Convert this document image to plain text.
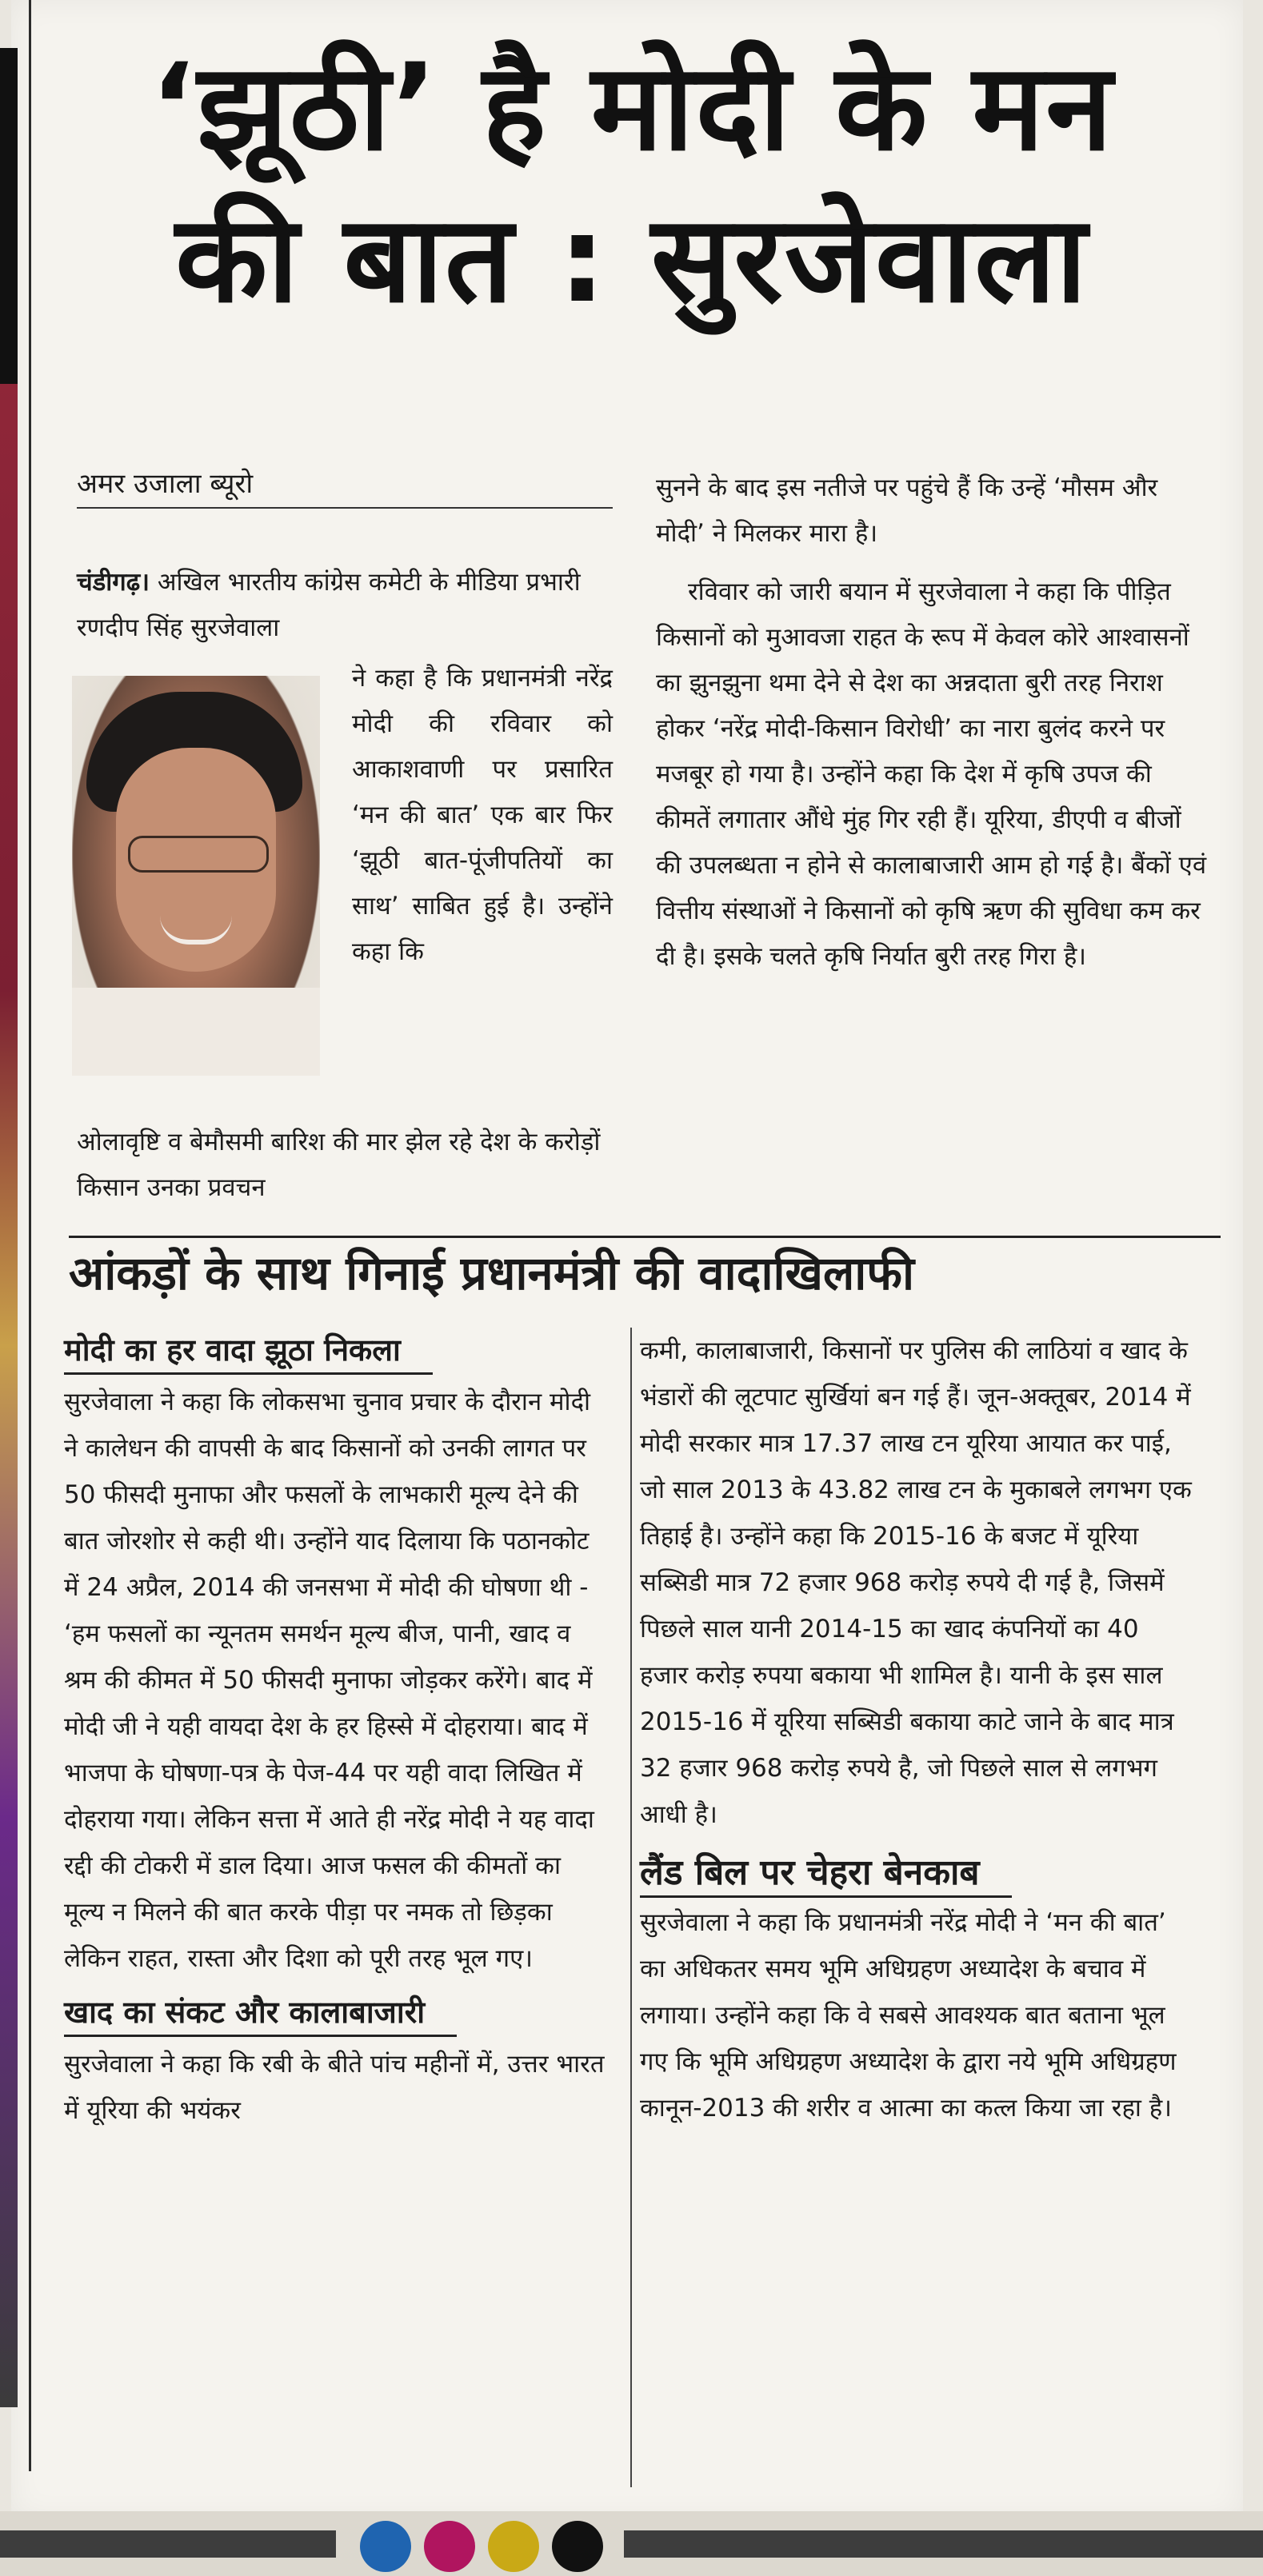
‘झूठी’ है मोदी के मन की बात : सुरजेवाला
अमर उजाला ब्यूरो
चंडीगढ़। अखिल भारतीय कांग्रेस कमेटी के मीडिया प्रभारी रणदीप सिंह सुरजेवाला
ने कहा है कि प्रधानमंत्री नरेंद्र मोदी की रविवार को आकाशवाणी पर प्रसारित ‘मन की बात’ एक बार फिर ‘झूठी बात-पूंजीपतियों का साथ’ साबित हुई है। उन्होंने कहा कि
ओलावृष्टि व बेमौसमी बारिश की मार झेल रहे देश के करोड़ों किसान उनका प्रवचन

सुनने के बाद इस नतीजे पर पहुंचे हैं कि उन्हें ‘मौसम और मोदी’ ने मिलकर मारा है।

रविवार को जारी बयान में सुरजेवाला ने कहा कि पीड़ित किसानों को मुआवजा राहत के रूप में केवल कोरे आश्वासनों का झुनझुना थमा देने से देश का अन्नदाता बुरी तरह निराश होकर ‘नरेंद्र मोदी-किसान विरोधी’ का नारा बुलंद करने पर मजबूर हो गया है। उन्होंने कहा कि देश में कृषि उपज की कीमतें लगातार औंधे मुंह गिर रही हैं। यूरिया, डीएपी व बीजों की उपलब्धता न होने से कालाबाजारी आम हो गई है। बैंकों एवं वित्तीय संस्थाओं ने किसानों को कृषि ऋण की सुविधा कम कर दी है। इसके चलते कृषि निर्यात बुरी तरह गिरा है।

आंकड़ों के साथ गिनाई प्रधानमंत्री की वादाखिलाफी
मोदी का हर वादा झूठा निकला

सुरजेवाला ने कहा कि लोकसभा चुनाव प्रचार के दौरान मोदी ने कालेधन की वापसी के बाद किसानों को उनकी लागत पर 50 फीसदी मुनाफा और फसलों के लाभकारी मूल्य देने की बात जोरशोर से कही थी। उन्होंने याद दिलाया कि पठानकोट में 24 अप्रैल, 2014 की जनसभा में मोदी की घोषणा थी - ‘हम फसलों का न्यूनतम समर्थन मूल्य बीज, पानी, खाद व श्रम की कीमत में 50 फीसदी मुनाफा जोड़कर करेंगे। बाद में मोदी जी ने यही वायदा देश के हर हिस्से में दोहराया। बाद में भाजपा के घोषणा-पत्र के पेज-44 पर यही वादा लिखित में दोहराया गया। लेकिन सत्ता में आते ही नरेंद्र मोदी ने यह वादा रद्दी की टोकरी में डाल दिया। आज फसल की कीमतों का मूल्य न मिलने की बात करके पीड़ा पर नमक तो छिड़का लेकिन राहत, रास्ता और दिशा को पूरी तरह भूल गए।

खाद का संकट और कालाबाजारी

सुरजेवाला ने कहा कि रबी के बीते पांच महीनों में, उत्तर भारत में यूरिया की भयंकर

कमी, कालाबाजारी, किसानों पर पुलिस की लाठियां व खाद के भंडारों की लूटपाट सुर्खियां बन गई हैं। जून-अक्तूबर, 2014 में मोदी सरकार मात्र 17.37 लाख टन यूरिया आयात कर पाई, जो साल 2013 के 43.82 लाख टन के मुकाबले लगभग एक तिहाई है। उन्होंने कहा कि 2015-16 के बजट में यूरिया सब्सिडी मात्र 72 हजार 968 करोड़ रुपये दी गई है, जिसमें पिछले साल यानी 2014-15 का खाद कंपनियों का 40 हजार करोड़ रुपया बकाया भी शामिल है। यानी के इस साल 2015-16 में यूरिया सब्सिडी बकाया काटे जाने के बाद मात्र 32 हजार 968 करोड़ रुपये है, जो पिछले साल से लगभग आधी है।

लैंड बिल पर चेहरा बेनकाब

सुरजेवाला ने कहा कि प्रधानमंत्री नरेंद्र मोदी ने ‘मन की बात’ का अधिकतर समय भूमि अधिग्रहण अध्यादेश के बचाव में लगाया। उन्होंने कहा कि वे सबसे आवश्यक बात बताना भूल गए कि भूमि अधिग्रहण अध्यादेश के द्वारा नये भूमि अधिग्रहण कानून-2013 की शरीर व आत्मा का कत्ल किया जा रहा है।
